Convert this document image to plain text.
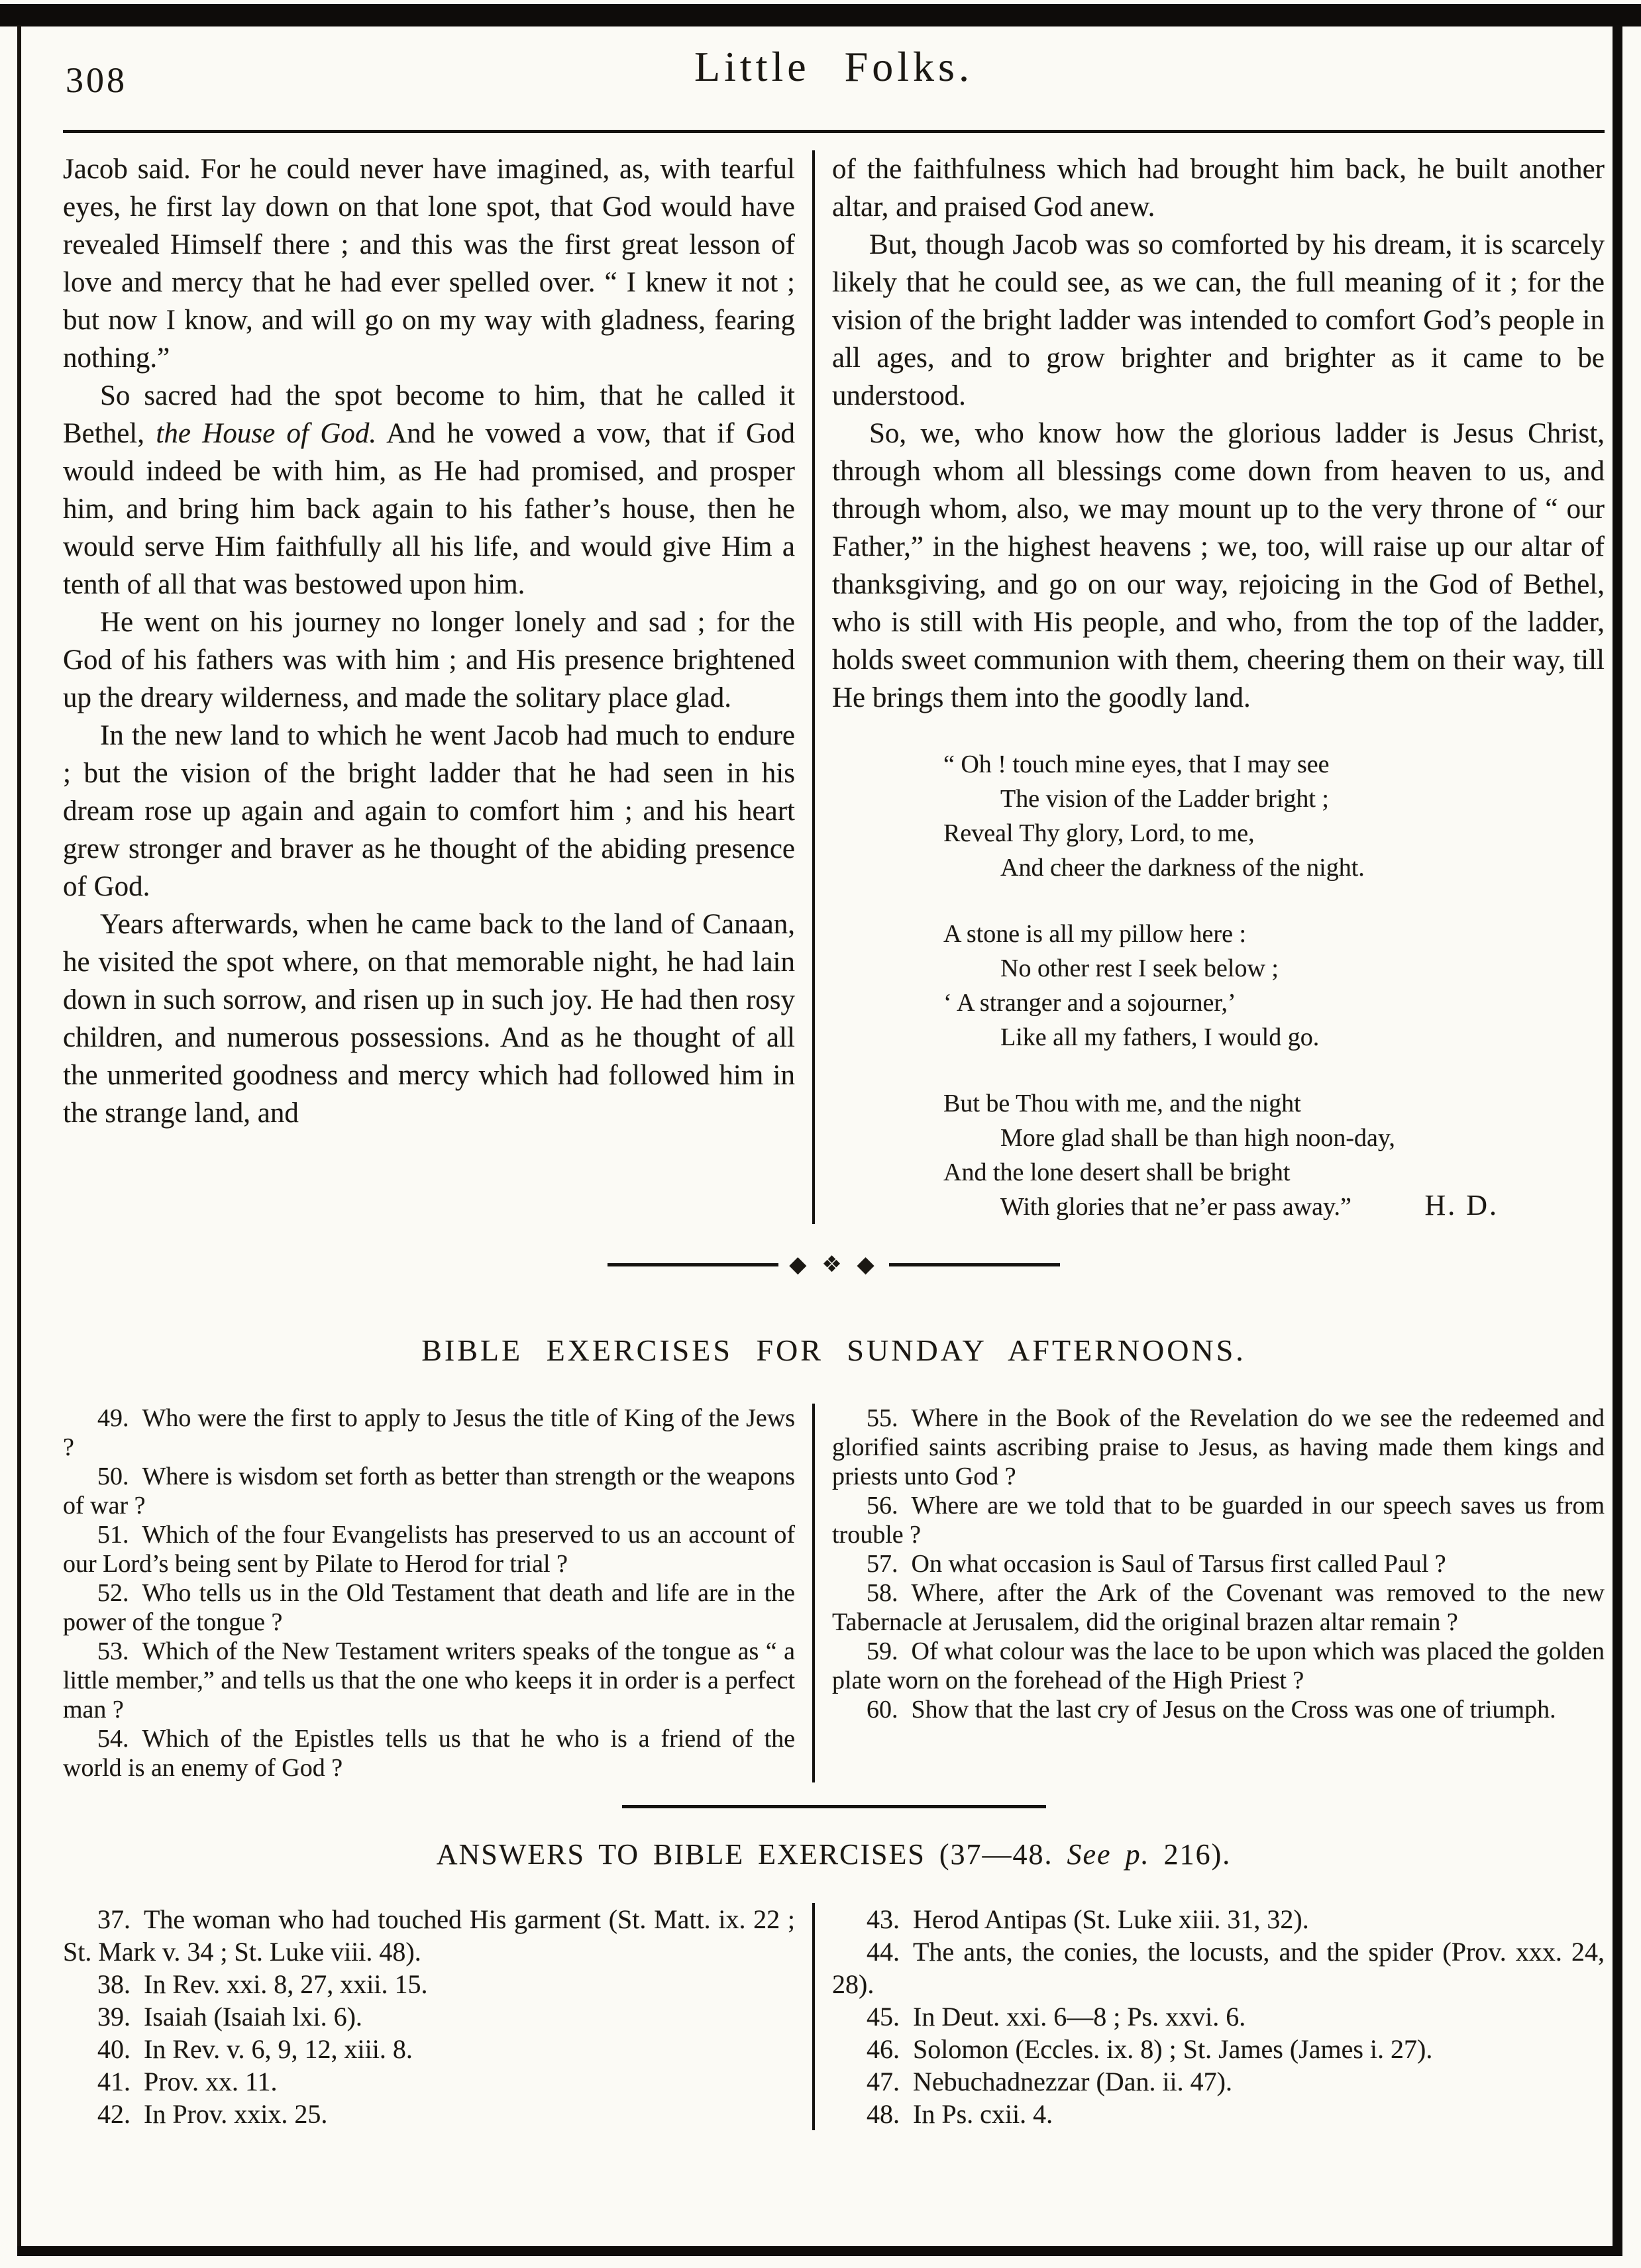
308	Little Folks.

Jacob said. For he could never have imagined, as, with tearful eyes, he first lay down on that lone spot, that God would have revealed Himself there ; and this was the first great lesson of love and mercy that he had ever spelled over. “ I knew it not ; but now I know, and will go on my way with gladness, fearing nothing.”

So sacred had the spot become to him, that he called it Bethel, the House of God. And he vowed a vow, that if God would indeed be with him, as He had promised, and prosper him, and bring him back again to his father’s house, then he would serve Him faithfully all his life, and would give Him a tenth of all that was bestowed upon him.

He went on his journey no longer lonely and sad ; for the God of his fathers was with him ; and His presence brightened up the dreary wilderness, and made the solitary place glad.

In the new land to which he went Jacob had much to endure ; but the vision of the bright ladder that he had seen in his dream rose up again and again to comfort him ; and his heart grew stronger and braver as he thought of the abiding presence of God.

Years afterwards, when he came back to the land of Canaan, he visited the spot where, on that memorable night, he had lain down in such sorrow, and risen up in such joy. He had then rosy children, and numerous possessions. And as he thought of all the unmerited goodness and mercy which had followed him in the strange land, and

of the faithfulness which had brought him back, he built another altar, and praised God anew.

But, though Jacob was so comforted by his dream, it is scarcely likely that he could see, as we can, the full meaning of it ; for the vision of the bright ladder was intended to comfort God’s people in all ages, and to grow brighter and brighter as it came to be understood.

So, we, who know how the glorious ladder is Jesus Christ, through whom all blessings come down from heaven to us, and through whom, also, we may mount up to the very throne of “ our Father,” in the highest heavens ; we, too, will raise up our altar of thanksgiving, and go on our way, rejoicing in the God of Bethel, who is still with His people, and who, from the top of the ladder, holds sweet communion with them, cheering them on their way, till He brings them into the goodly land.

H. D.
“ Oh ! touch mine eyes, that I may see
The vision of the Ladder bright ;
Reveal Thy glory, Lord, to me,
And cheer the darkness of the night.
A stone is all my pillow here :
No other rest I seek below ;
‘ A stranger and a sojourner,’
Like all my fathers, I would go.
But be Thou with me, and the night
More glad shall be than high noon-day,
And the lone desert shall be bright
With glories that ne’er pass away.”
◆ ❖ ◆
BIBLE EXERCISES FOR SUNDAY AFTERNOONS.

49. Who were the first to apply to Jesus the title of King of the Jews ?

50. Where is wisdom set forth as better than strength or the weapons of war ?

51. Which of the four Evangelists has preserved to us an account of our Lord’s being sent by Pilate to Herod for trial ?

52. Who tells us in the Old Testament that death and life are in the power of the tongue ?

53. Which of the New Testament writers speaks of the tongue as “ a little member,” and tells us that the one who keeps it in order is a perfect man ?

54. Which of the Epistles tells us that he who is a friend of the world is an enemy of God ?

55. Where in the Book of the Revelation do we see the redeemed and glorified saints ascribing praise to Jesus, as having made them kings and priests unto God ?

56. Where are we told that to be guarded in our speech saves us from trouble ?

57. On what occasion is Saul of Tarsus first called Paul ?

58. Where, after the Ark of the Covenant was removed to the new Tabernacle at Jerusalem, did the original brazen altar remain ?

59. Of what colour was the lace to be upon which was placed the golden plate worn on the forehead of the High Priest ?

60. Show that the last cry of Jesus on the Cross was one of triumph.

ANSWERS TO BIBLE EXERCISES (37—48. See p. 216).

37. The woman who had touched His garment (St. Matt. ix. 22 ; St. Mark v. 34 ; St. Luke viii. 48).

38. In Rev. xxi. 8, 27, xxii. 15.

39. Isaiah (Isaiah lxi. 6).

40. In Rev. v. 6, 9, 12, xiii. 8.

41. Prov. xx. 11.

42. In Prov. xxix. 25.

43. Herod Antipas (St. Luke xiii. 31, 32).

44. The ants, the conies, the locusts, and the spider (Prov. xxx. 24, 28).

45. In Deut. xxi. 6—8 ; Ps. xxvi. 6.

46. Solomon (Eccles. ix. 8) ; St. James (James i. 27).

47. Nebuchadnezzar (Dan. ii. 47).

48. In Ps. cxii. 4.
